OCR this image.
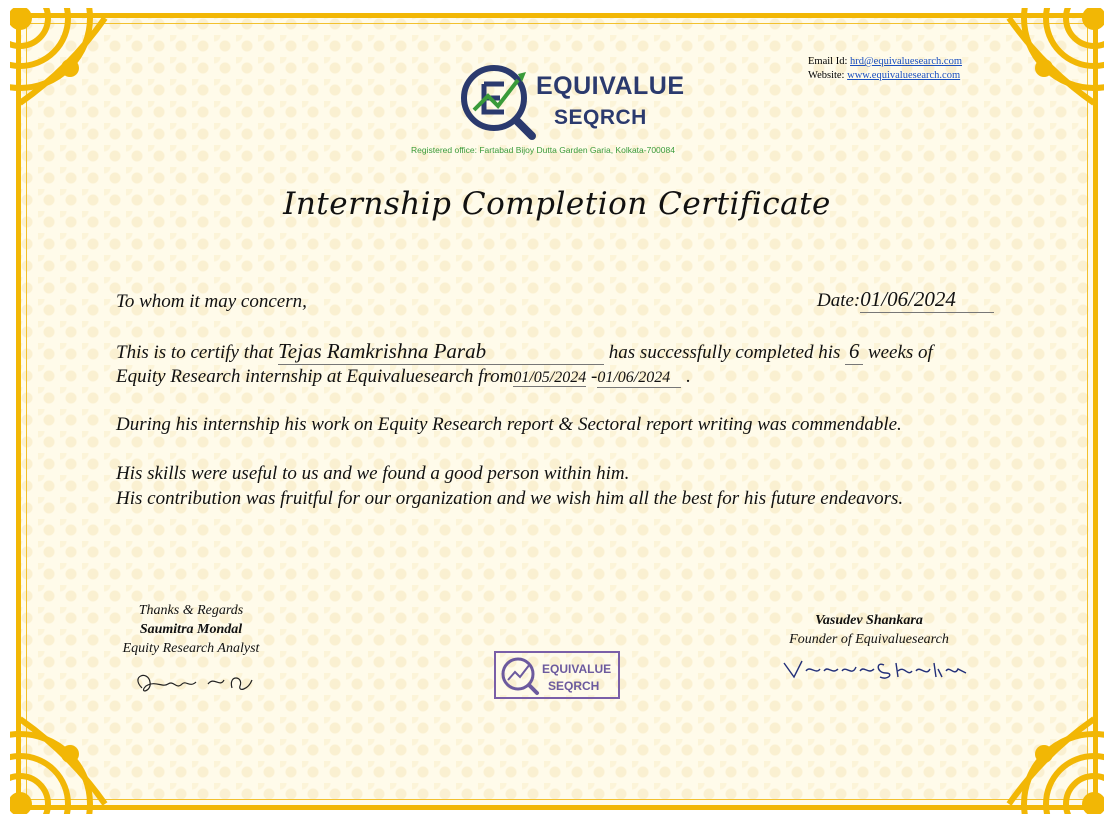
Email Id: hrd@equivaluesearch.com
Website: www.equivaluesearch.com
EQUIVALUE
SEQRCH
Registered office: Fartabad Bijoy Dutta Garden Garia, Kolkata-700084
Internship Completion Certificate
To whom it may concern,	Date:01/06/2024
This is to certify that Tejas Ramkrishna Parab	has successfully completed his 6 weeks of
Equity Research internship at Equivaluesearch from01/05/2024 -01/06/2024 .
During his internship his work on Equity Research report & Sectoral report writing was commendable.
His skills were useful to us and we found a good person within him.
His contribution was fruitful for our organization and we wish him all the best for his future endeavors.
Thanks & Regards
Saumitra Mondal
Equity Research Analyst
EQUIVALUE
SEQRCH
Vasudev Shankara
Founder of Equivaluesearch
